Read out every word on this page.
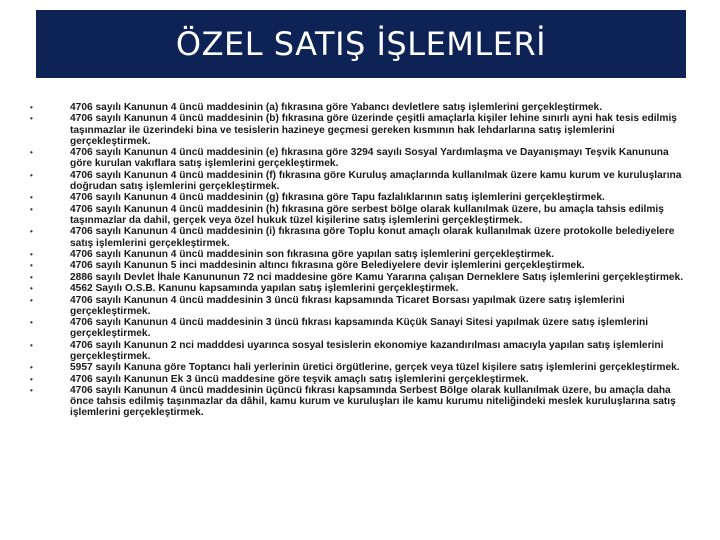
ÖZEL SATIŞ İŞLEMLERİ
•	4706 sayılı Kanunun 4 üncü maddesinin (a) fıkrasına göre Yabancı devletlere satış işlemlerini gerçekleştirmek.
•	4706 sayılı Kanunun 4 üncü maddesinin (b) fıkrasına göre üzerinde çeşitli amaçlarla kişiler lehine sınırlı ayni hak tesis edilmiş taşınmazlar ile üzerindeki bina ve tesislerin hazineye geçmesi gereken kısmının hak lehdarlarına satış işlemlerini gerçekleştirmek.
•	4706 sayılı Kanunun 4 üncü maddesinin (e) fıkrasına göre 3294 sayılı Sosyal Yardımlaşma ve Dayanışmayı Teşvik Kanununa göre kurulan vakıflara satış işlemlerini gerçekleştirmek.
•	4706 sayılı Kanunun 4 üncü maddesinin (f) fıkrasına göre Kuruluş amaçlarında kullanılmak üzere kamu kurum ve kuruluşlarına doğrudan satış işlemlerini gerçekleştirmek.
•	4706 sayılı Kanunun 4 üncü maddesinin (g) fıkrasına göre Tapu fazlalıklarının satış işlemlerini gerçekleştirmek.
•	4706 sayılı Kanunun 4 üncü maddesinin (h) fıkrasına göre serbest bölge olarak kullanılmak üzere, bu amaçla tahsis edilmiş taşınmazlar da dahil, gerçek veya özel hukuk tüzel kişilerine satış işlemlerini gerçekleştirmek.
•	4706 sayılı Kanunun 4 üncü maddesinin (i) fıkrasına göre Toplu konut amaçlı olarak kullanılmak üzere protokolle belediyelere satış işlemlerini gerçekleştirmek.
•	4706 sayılı Kanunun 4 üncü maddesinin son fıkrasına göre yapılan satış işlemlerini gerçekleştirmek.
•	4706 sayılı Kanunun 5 inci maddesinin altıncı fıkrasına göre Belediyelere devir işlemlerini gerçekleştirmek.
•	2886 sayılı Devlet İhale Kanununun 72 nci maddesine göre Kamu Yararına çalışan Derneklere Satış işlemlerini gerçekleştirmek.
•	4562 Sayılı O.S.B. Kanunu kapsamında yapılan satış işlemlerini gerçekleştirmek.
•	4706 sayılı Kanunun 4 üncü maddesinin 3 üncü fıkrası kapsamında Ticaret Borsası yapılmak üzere satış işlemlerini gerçekleştirmek.
•	4706 sayılı Kanunun 4 üncü maddesinin 3 üncü fıkrası kapsamında Küçük Sanayi Sitesi yapılmak üzere satış işlemlerini gerçekleştirmek.
•	4706 sayılı Kanunun 2 nci madddesi uyarınca sosyal tesislerin ekonomiye kazandırılması amacıyla yapılan satış işlemlerini gerçekleştirmek.
•	5957 sayılı Kanuna göre Toptancı hali yerlerinin üretici örgütlerine, gerçek veya tüzel kişilere satış işlemlerini gerçekleştirmek.
•	4706 sayılı Kanunun Ek 3 üncü maddesine göre teşvik amaçlı satış işlemlerini gerçekleştirmek.
•	4706 sayılı Kanunun 4 üncü maddesinin üçüncü fıkrası kapsamında Serbest Bölge olarak kullanılmak üzere, bu amaçla daha önce tahsis edilmiş taşınmazlar da dâhil, kamu kurum ve kuruluşları ile kamu kurumu niteliğindeki meslek kuruluşlarına satış işlemlerini gerçekleştirmek.
